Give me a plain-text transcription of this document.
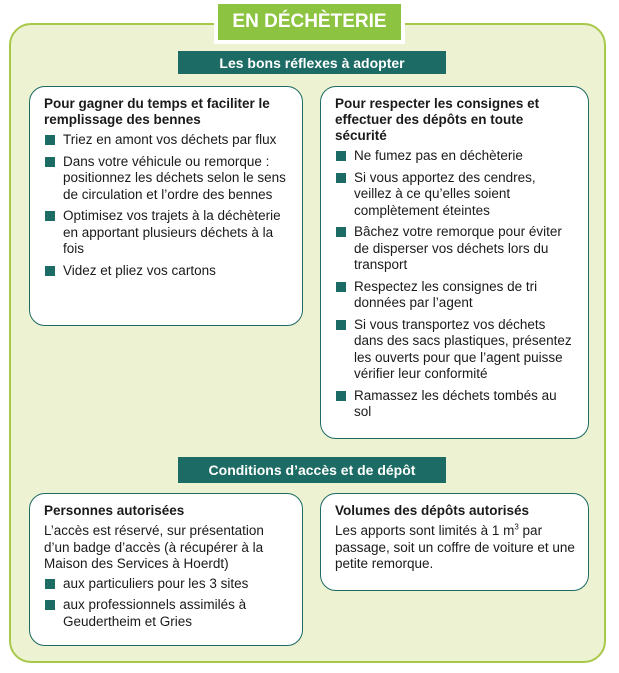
EN DÉCHÈTERIE
Les bons réflexes à adopter
Pour gagner du temps et faciliter le remplissage des bennes
Triez en amont vos déchets par flux
Dans votre véhicule ou remorque : positionnez les déchets selon le sens de circulation et l’ordre des bennes
Optimisez vos trajets à la déchèterie en apportant plusieurs déchets à la fois
Videz et pliez vos cartons
Pour respecter les consignes et effectuer des dépôts en toute sécurité
Ne fumez pas en déchèterie
Si vous apportez des cendres, veillez à ce qu’elles soient complètement éteintes
Bâchez votre remorque pour éviter de disperser vos déchets lors du transport
Respectez les consignes de tri données par l’agent
Si vous transportez vos déchets dans des sacs plastiques, présentez les ouverts pour que l’agent puisse vérifier leur conformité
Ramassez les déchets tombés au sol
Conditions d’accès et de dépôt
Personnes autorisées
L’accès est réservé, sur présentation d’un badge d’accès (à récupérer à la Maison des Services à Hoerdt)
aux particuliers pour les 3 sites
aux professionnels assimilés à Geudertheim et Gries
Volumes des dépôts autorisés
Les apports sont limités à 1 $m^3$ par passage, soit un coffre de voiture et une petite remorque.
